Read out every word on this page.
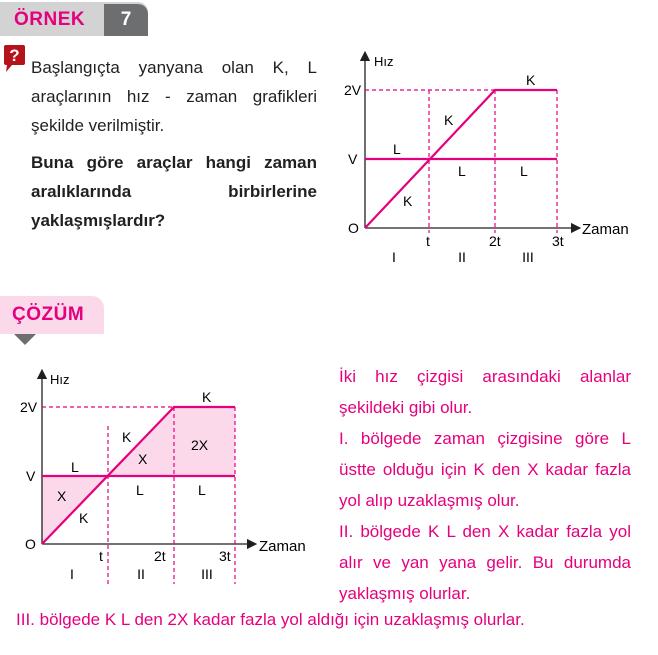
ÖRNEK	7
?

Başlangıçta yanyana olan K, L araçlarının hız - zaman grafikleri şekilde verilmiştir.

Buna göre araçlar hangi zaman aralıklarında birbirlerine yaklaşmışlardır?
Hız
Zaman
O
2V
V
t	2t	3t
I	II	III
K
K
K
L
L	L
ÇÖZÜM
Hız
Zaman
O
2V
V
t	2t	3t
I	II	III
K
K
K
L
L	L
X
X
2X

İki hız çizgisi arasındaki alanlar şekildeki gibi olur.

I. bölgede zaman çizgisine göre L üstte olduğu için K den X kadar fazla yol alıp uzaklaşmış olur.

II. bölgede K L den X kadar fazla yol alır ve yan yana gelir. Bu durumda yaklaşmış olurlar.

III. bölgede K L den 2X kadar fazla yol aldığı için uzaklaşmış olurlar.
